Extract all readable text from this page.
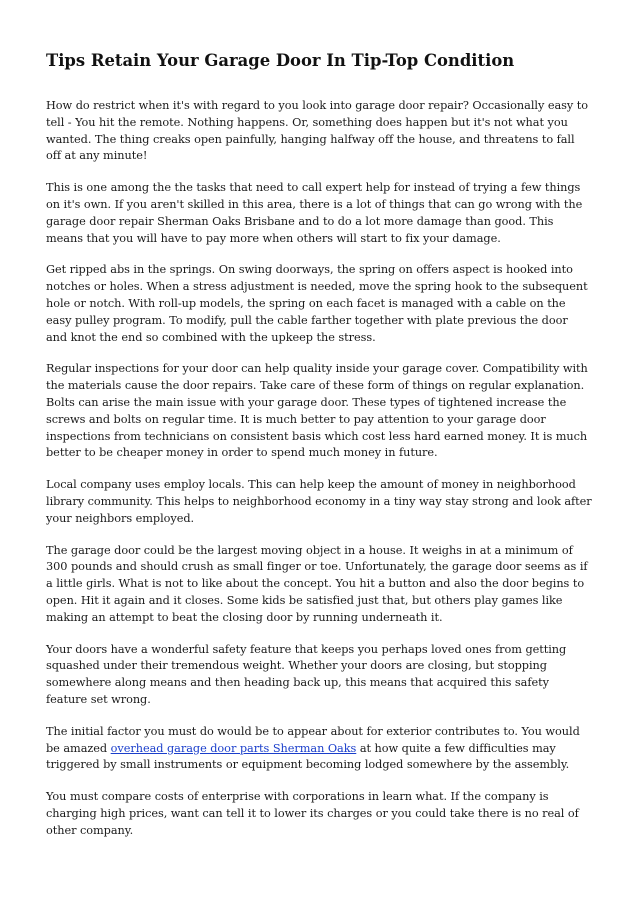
Tips Retain Your Garage Door In Tip-Top Condition

How do restrict when it's with regard to you look into garage door repair? Occasionally easy to tell - You hit the remote. Nothing happens. Or, something does happen but it's not what you wanted. The thing creaks open painfully, hanging halfway off the house, and threatens to fall off at any minute!

This is one among the the tasks that need to call expert help for instead of trying a few things on it's own. If you aren't skilled in this area, there is a lot of things that can go wrong with the garage door repair Sherman Oaks Brisbane and to do a lot more damage than good. This means that you will have to pay more when others will start to fix your damage.

Get ripped abs in the springs. On swing doorways, the spring on offers aspect is hooked into notches or holes. When a stress adjustment is needed, move the spring hook to the subsequent hole or notch. With roll-up models, the spring on each facet is managed with a cable on the easy pulley program. To modify, pull the cable farther together with plate previous the door and knot the end so combined with the upkeep the stress.

Regular inspections for your door can help quality inside your garage cover. Compatibility with the materials cause the door repairs. Take care of these form of things on regular explanation. Bolts can arise the main issue with your garage door. These types of tightened increase the screws and bolts on regular time. It is much better to pay attention to your garage door inspections from technicians on consistent basis which cost less hard earned money. It is much better to be cheaper money in order to spend much money in future.

Local company uses employ locals. This can help keep the amount of money in neighborhood library community. This helps to neighborhood economy in a tiny way stay strong and look after your neighbors employed.

The garage door could be the largest moving object in a house. It weighs in at a minimum of 300 pounds and should crush as small finger or toe. Unfortunately, the garage door seems as if a little girls. What is not to like about the concept. You hit a button and also the door begins to open. Hit it again and it closes. Some kids be satisfied just that, but others play games like making an attempt to beat the closing door by running underneath it.

Your doors have a wonderful safety feature that keeps you perhaps loved ones from getting squashed under their tremendous weight. Whether your doors are closing, but stopping somewhere along means and then heading back up, this means that acquired this safety feature set wrong.

The initial factor you must do would be to appear about for exterior contributes to. You would be amazed overhead garage door parts Sherman Oaks at how quite a few difficulties may triggered by small instruments or equipment becoming lodged somewhere by the assembly.

You must compare costs of enterprise with corporations in learn what. If the company is charging high prices, want can tell it to lower its charges or you could take there is no real of other company.
